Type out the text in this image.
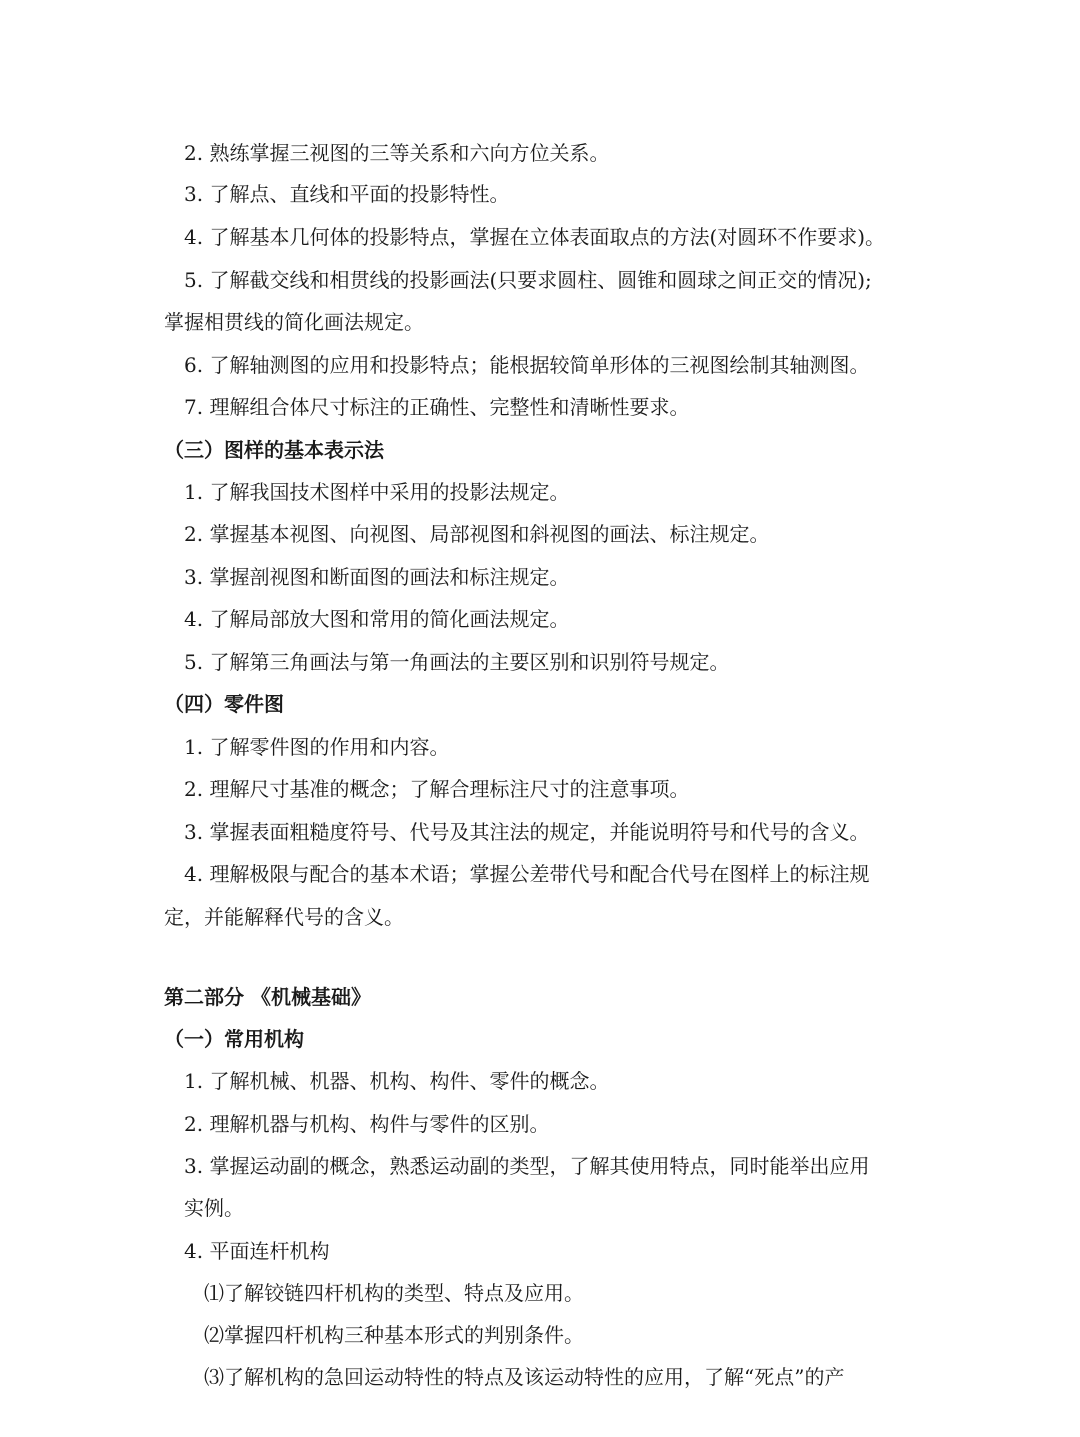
2. 熟练掌握三视图的三等关系和六向方位关系。

3. 了解点、直线和平面的投影特性。

4. 了解基本几何体的投影特点，掌握在立体表面取点的方法(对圆环不作要求)。

5. 了解截交线和相贯线的投影画法(只要求圆柱、圆锥和圆球之间正交的情况);

掌握相贯线的简化画法规定。

6. 了解轴测图的应用和投影特点；能根据较简单形体的三视图绘制其轴测图。

7. 理解组合体尺寸标注的正确性、完整性和清晰性要求。

（三）图样的基本表示法

1. 了解我国技术图样中采用的投影法规定。

2. 掌握基本视图、向视图、局部视图和斜视图的画法、标注规定。

3. 掌握剖视图和断面图的画法和标注规定。

4. 了解局部放大图和常用的简化画法规定。

5. 了解第三角画法与第一角画法的主要区别和识别符号规定。

（四）零件图

1. 了解零件图的作用和内容。

2. 理解尺寸基准的概念；了解合理标注尺寸的注意事项。

3. 掌握表面粗糙度符号、代号及其注法的规定，并能说明符号和代号的含义。

4. 理解极限与配合的基本术语；掌握公差带代号和配合代号在图样上的标注规

定，并能解释代号的含义。

第二部分 《机械基础》

（一）常用机构

1. 了解机械、机器、机构、构件、零件的概念。

2. 理解机器与机构、构件与零件的区别。

3. 掌握运动副的概念，熟悉运动副的类型，了解其使用特点，同时能举出应用

实例。

4. 平面连杆机构

⑴了解铰链四杆机构的类型、特点及应用。

⑵掌握四杆机构三种基本形式的判别条件。

⑶了解机构的急回运动特性的特点及该运动特性的应用，了解“死点”的产
